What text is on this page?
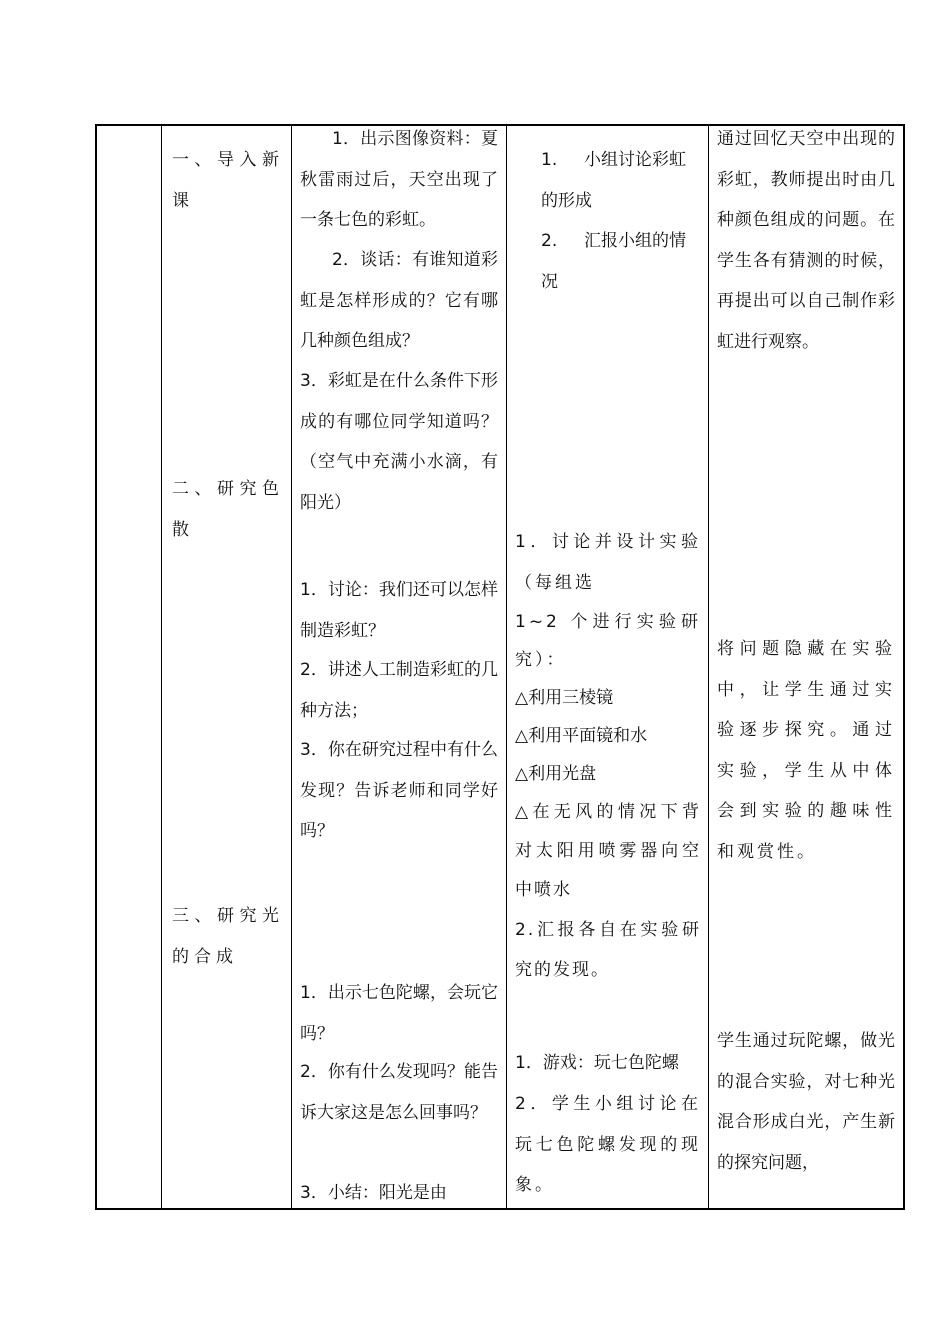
一、导入新课

二、研究色散

三、研究光的合成

1．出示图像资料：夏秋雷雨过后，天空出现了一条七色的彩虹。

2．谈话：有谁知道彩虹是怎样形成的？它有哪几种颜色组成？

3．彩虹是在什么条件下形成的有哪位同学知道吗？（空气中充满小水滴，有阳光）

1．讨论：我们还可以怎样制造彩虹？

2．讲述人工制造彩虹的几种方法；

3．你在研究过程中有什么发现？告诉老师和同学好吗？

1．出示七色陀螺，会玩它吗？

2．你有什么发现吗？能告诉大家这是怎么回事吗？

3．小结：阳光是由

1. 小组讨论彩虹的形成
2. 汇报小组的情况

1．讨论并设计实验（每组选

1~2 个进行实验研究）：

△利用三棱镜

△利用平面镜和水

△利用光盘

△在无风的情况下背对太阳用喷雾器向空中喷水

2.汇报各自在实验研究的发现。

1．游戏：玩七色陀螺

2．学生小组讨论在玩七色陀螺发现的现象。

通过回忆天空中出现的彩虹，教师提出时由几种颜色组成的问题。在学生各有猜测的时候，再提出可以自己制作彩虹进行观察。

将问题隐藏在实验中，让学生通过实验逐步探究。通过实验，学生从中体会到实验的趣味性和观赏性。

学生通过玩陀螺，做光的混合实验，对七种光混合形成白光，产生新的探究问题，
